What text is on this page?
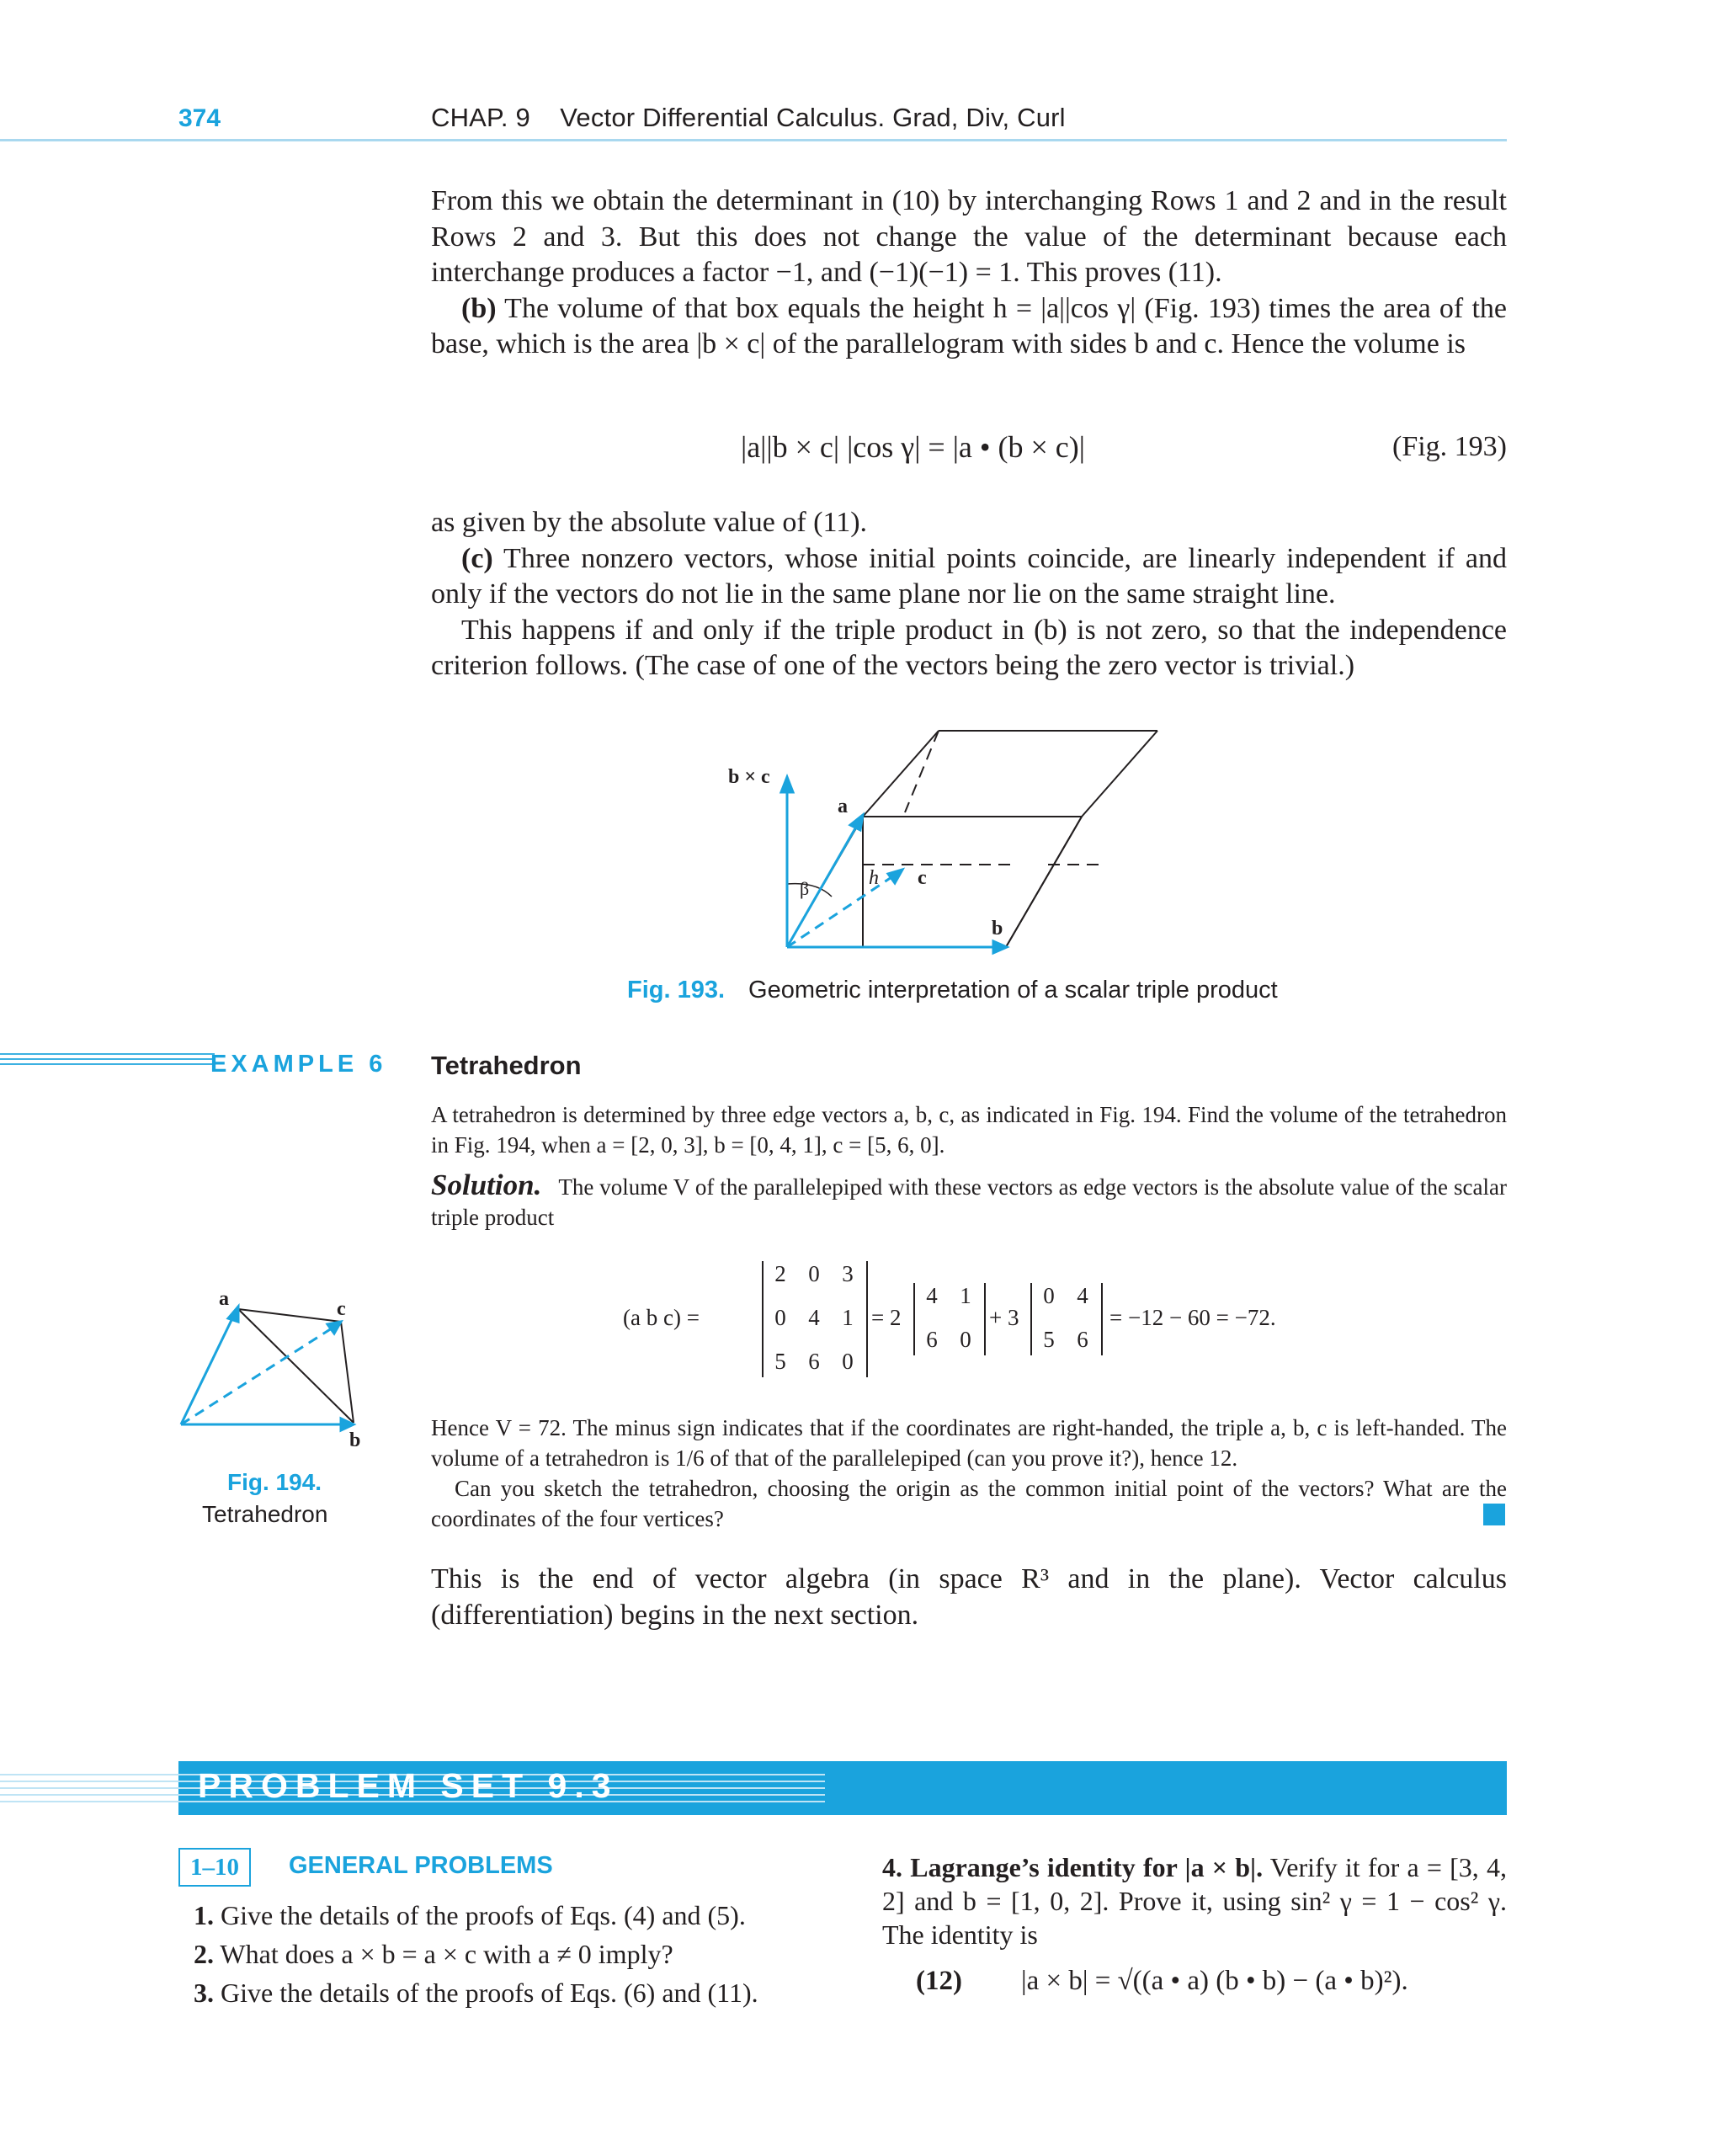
374	CHAP. 9    Vector Differential Calculus. Grad, Div, Curl

From this we obtain the determinant in (10) by interchanging Rows 1 and 2 and in the result Rows 2 and 3. But this does not change the value of the determinant because each interchange produces a factor −1, and (−1)(−1) = 1. This proves (11).

(b) The volume of that box equals the height h = |a||cos γ| (Fig. 193) times the area of the base, which is the area |b × c| of the parallelogram with sides b and c. Hence the volume is

|a||b × c| |cos γ| = |a • (b × c)|	(Fig. 193)

as given by the absolute value of (11).

(c) Three nonzero vectors, whose initial points coincide, are linearly independent if and only if the vectors do not lie in the same plane nor lie on the same straight line.

This happens if and only if the triple product in (b) is not zero, so that the independence criterion follows. (The case of one of the vectors being the zero vector is trivial.)

b × c
a
h c
β
b
Fig. 193. Geometric interpretation of a scalar triple product
EXAMPLE 6 Tetrahedron
A tetrahedron is determined by three edge vectors a, b, c, as indicated in Fig. 194. Find the volume of the tetrahedron in Fig. 194, when a = [2, 0, 3], b = [0, 4, 1], c = [5, 6, 0].
Solution. The volume V of the parallelepiped with these vectors as edge vectors is the absolute value of the scalar triple product
(a b c) =
2 0 3
0 4 1
5 6 0
= 2
4 1
6 0
+ 3
0 4
5 6
= −12 − 60 = −72.
a	c
b
Fig. 194.
Tetrahedron

Hence V = 72. The minus sign indicates that if the coordinates are right-handed, the triple a, b, c is left-handed. The volume of a tetrahedron is 1/6 of that of the parallelepiped (can you prove it?), hence 12.

Can you sketch the tetrahedron, choosing the origin as the common initial point of the vectors? What are the coordinates of the four vertices?

This is the end of vector algebra (in space R³ and in the plane). Vector calculus (differentiation) begins in the next section.
PROBLEM SET 9.3
1–10	GENERAL PROBLEMS
1. Give the details of the proofs of Eqs. (4) and (5).
2. What does a × b = a × c with a ≠ 0 imply?
3. Give the details of the proofs of Eqs. (6) and (11).
4. Lagrange’s identity for |a × b|. Verify it for a = [3, 4, 2] and b = [1, 0, 2]. Prove it, using sin² γ = 1 − cos² γ. The identity is
(12) |a × b| = √((a • a) (b • b) − (a • b)²).
